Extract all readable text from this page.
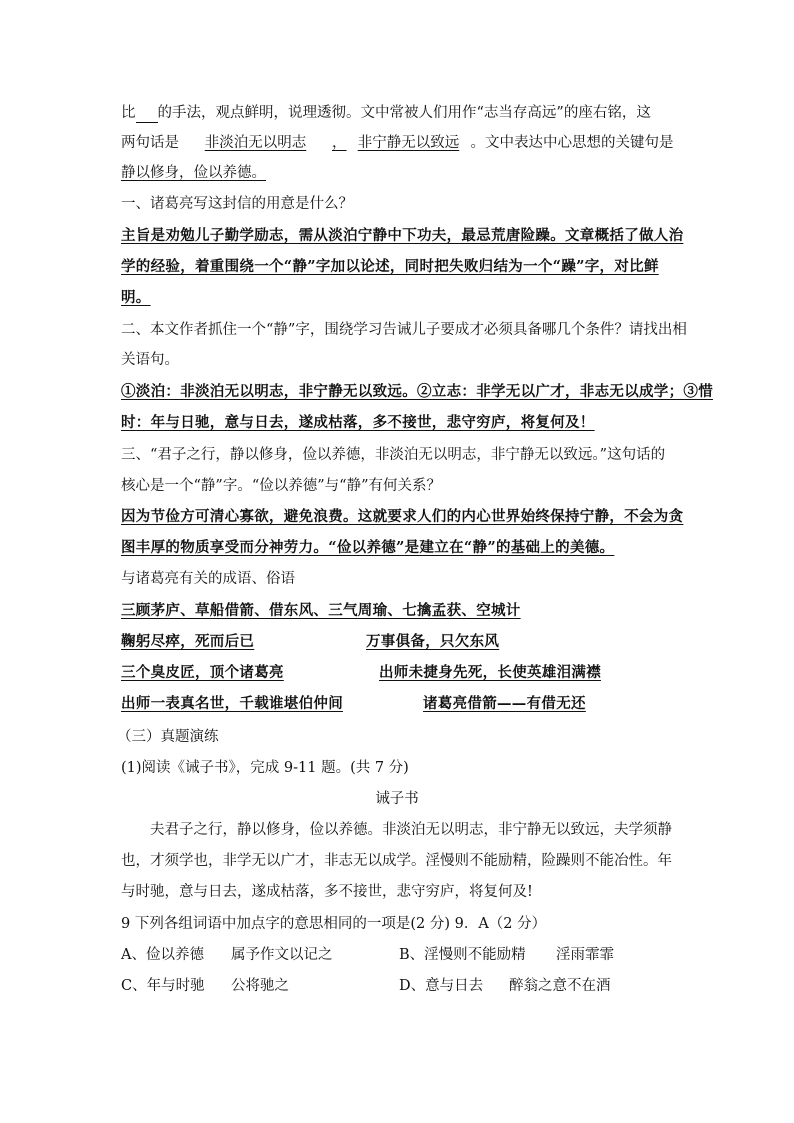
比 的手法，观点鲜明，说理透彻。文中常被人们用作“志当存高远”的座右铭，这
两句话是 非淡泊无以明志 ， 非宁静无以致远 。文中表达中心思想的关键句是
静以修身，俭以养德。
一、诸葛亮写这封信的用意是什么？
主旨是劝勉儿子勤学励志，需从淡泊宁静中下功夫，最忌荒唐险躁。文章概括了做人治
学的经验，着重围绕一个“静”字加以论述，同时把失败归结为一个“躁”字，对比鲜
明。
二、本文作者抓住一个“静”字，围绕学习告诫儿子要成才必须具备哪几个条件？请找出相
关语句。
①淡泊：非淡泊无以明志，非宁静无以致远。②立志：非学无以广才，非志无以成学；③惜
时：年与日驰，意与日去，遂成枯落，多不接世，悲守穷庐，将复何及！
三、“君子之行，静以修身，俭以养德，非淡泊无以明志，非宁静无以致远。”这句话的
核心是一个“静”字。“俭以养德”与“静”有何关系？
因为节俭方可清心寡欲，避免浪费。这就要求人们的内心世界始终保持宁静，不会为贪
图丰厚的物质享受而分神劳力。“俭以养德”是建立在“静”的基础上的美德。
与诸葛亮有关的成语、俗语
三顾茅庐、草船借箭、借东风、三气周瑜、七擒孟获、空城计
鞠躬尽瘁，死而后已	万事俱备，只欠东风
三个臭皮匠，顶个诸葛亮	出师未捷身先死，长使英雄泪满襟
出师一表真名世，千载谁堪伯仲间	诸葛亮借箭——有借无还
（三）真题演练
(1)阅读《诫子书》，完成 9-11 题。(共 7 分)
诫子书
夫君子之行，静以修身，俭以养德。非淡泊无以明志，非宁静无以致远，夫学须静
也，才须学也，非学无以广才，非志无以成学。淫慢则不能励精，险躁则不能冶性。年
与时驰，意与日去，遂成枯落，多不接世，悲守穷庐，将复何及!
9 下列各组词语中加点字的意思相同的一项是(2 分) 9．A（2 分）
A、俭以养德 属予作文以记之	B、淫慢则不能励精 淫雨霏霏
C、年与时驰 公将驰之	D、意与日去 醉翁之意不在酒
